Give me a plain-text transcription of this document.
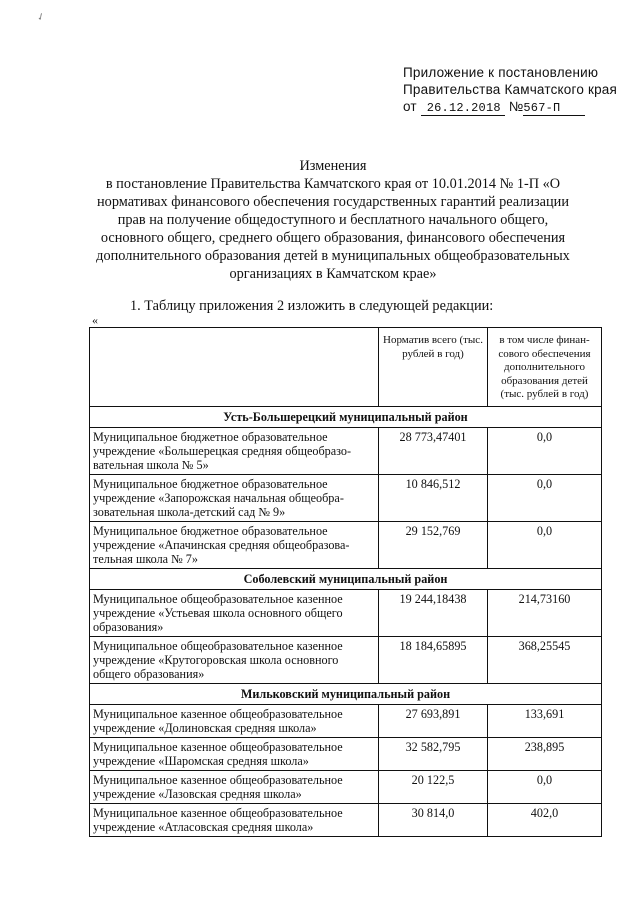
✓
Приложение к постановлению
Правительства Камчатского края
от 26.12.2018 №567-П
Изменения
в постановление Правительства Камчатского края от 10.01.2014 № 1-П «О нормативах финансового обеспечения государственных гарантий реализации прав на получение общедоступного и бесплатного начального общего, основного общего, среднего общего образования, финансового обеспечения дополнительного образования детей в муниципальных общеобразовательных организациях в Камчатском крае»
1. Таблицу приложения 2 изложить в следующей редакции:
«
	Норматив всего (тыс. рублей в год)	в том числе финан-сового обеспечения дополнительного образования детей (тыс. рублей в год)
Усть-Большерецкий муниципальный район		
Муниципальное бюджетное образовательное учреждение «Большерецкая средняя общеобразо-вательная школа № 5»	28 773,47401	0,0
Муниципальное бюджетное образовательное учреждение «Запорожская начальная общеобра-зовательная школа-детский сад № 9»	10 846,512	0,0
Муниципальное бюджетное образовательное учреждение «Апачинская средняя общеобразова-тельная школа № 7»	29 152,769	0,0
Соболевский муниципальный район		
Муниципальное общеобразовательное казенное учреждение «Устьевая школа основного общего образования»	19 244,18438	214,73160
Муниципальное общеобразовательное казенное учреждение «Крутогоровская школа основного общего образования»	18 184,65895	368,25545
Мильковский муниципальный район		
Муниципальное казенное общеобразовательное учреждение «Долиновская средняя школа»	27 693,891	133,691
Муниципальное казенное общеобразовательное учреждение «Шаромская средняя школа»	32 582,795	238,895
Муниципальное казенное общеобразовательное учреждение «Лазовская средняя школа»	20 122,5	0,0
Муниципальное казенное общеобразовательное учреждение «Атласовская средняя школа»	30 814,0	402,0
